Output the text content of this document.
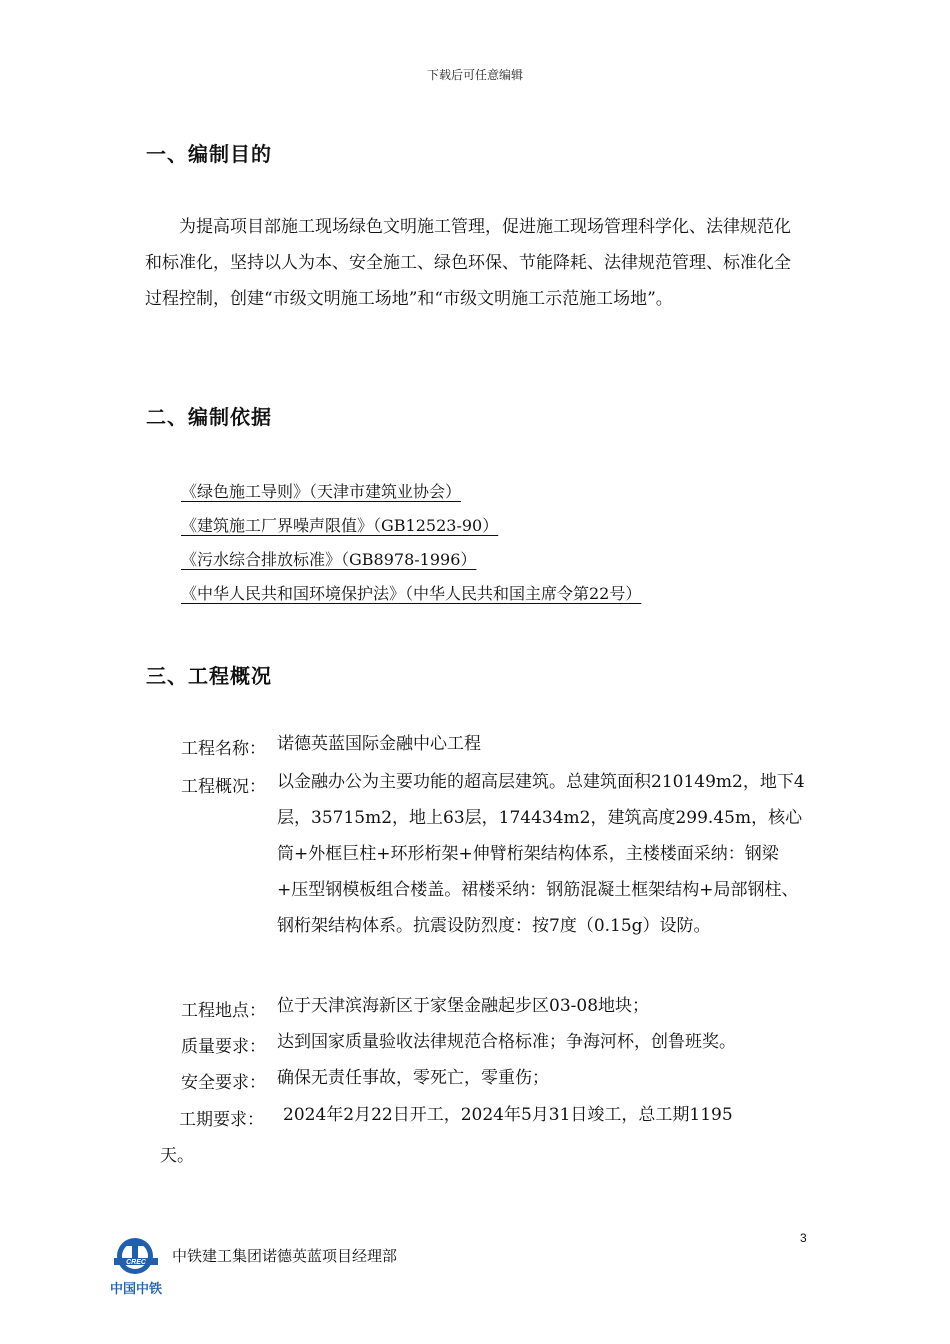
下载后可任意编辑
一、编制目的
为提高项目部施工现场绿色文明施工管理，促进施工现场管理科学化、法律规范化和标准化，坚持以人为本、安全施工、绿色环保、节能降耗、法律规范管理、标准化全过程控制，创建“市级文明施工场地”和“市级文明施工示范施工场地”。
二、编制依据
《绿色施工导则》（天津市建筑业协会）
《建筑施工厂界噪声限值》（GB12523-90）
《污水综合排放标准》（GB8978-1996）
《中华人民共和国环境保护法》（中华人民共和国主席令第22号）
三、工程概况
工程名称： 诺德英蓝国际金融中心工程
工程概况： 以金融办公为主要功能的超高层建筑。总建筑面积210149m2，地下4层，35715m2，地上63层，174434m2，建筑高度299.45m，核心筒+外框巨柱+环形桁架+伸臂桁架结构体系，主楼楼面采纳：钢梁+压型钢模板组合楼盖。裙楼采纳：钢筋混凝土框架结构+局部钢柱、钢桁架结构体系。抗震设防烈度：按7度（0.15g）设防。
工程地点： 位于天津滨海新区于家堡金融起步区03-08地块；
质量要求： 达到国家质量验收法律规范合格标准；争海河杯，创鲁班奖。
安全要求： 确保无责任事故，零死亡，零重伤；
工期要求： 2024年2月22日开工，2024年5月31日竣工，总工期1195
天。
3
CREC
中国中铁
中铁建工集团诺德英蓝项目经理部
